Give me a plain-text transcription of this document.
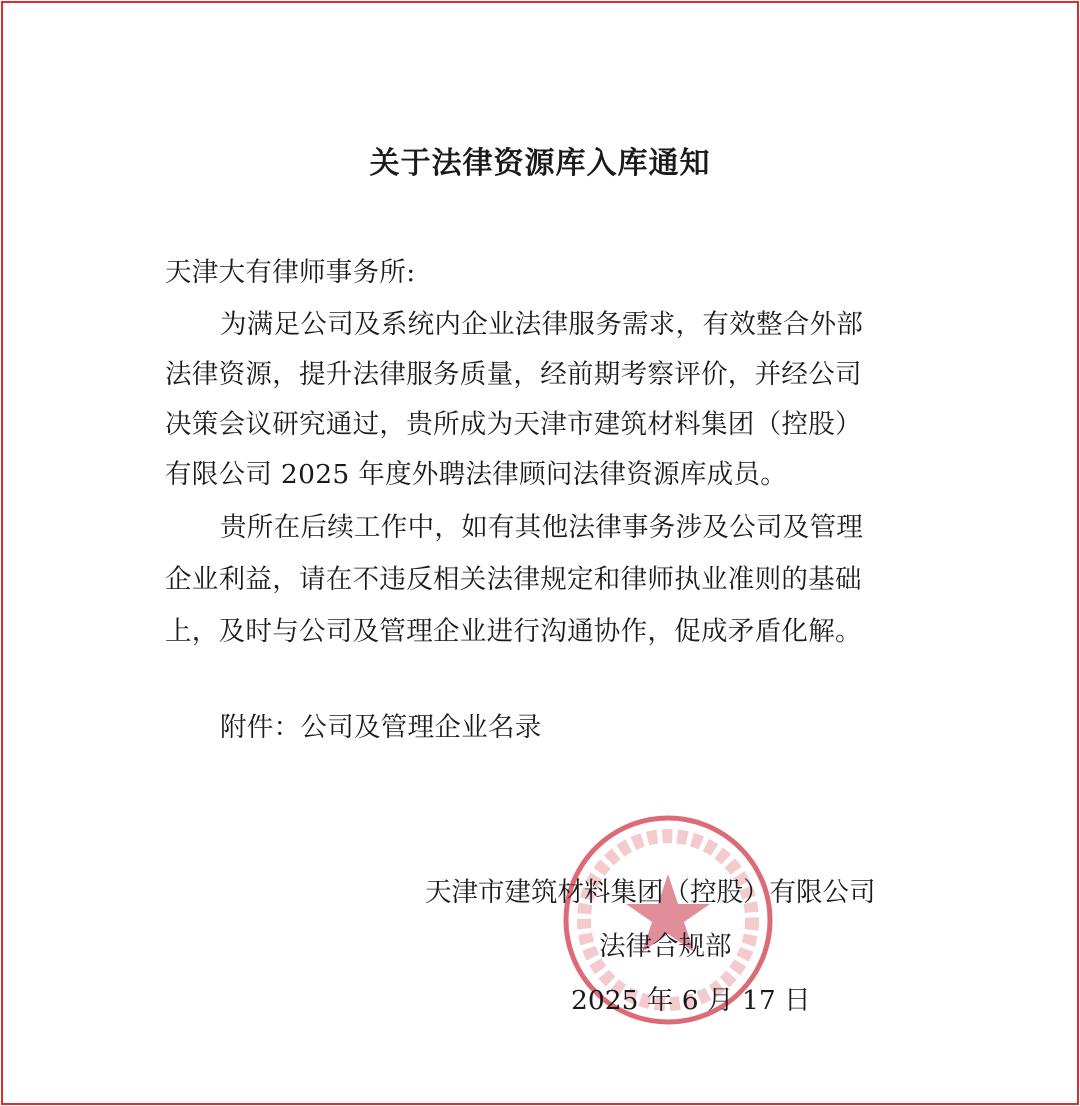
关于法律资源库入库通知
天津大有律师事务所:
为满足公司及系统内企业法律服务需求，有效整合外部
法律资源，提升法律服务质量，经前期考察评价，并经公司
决策会议研究通过，贵所成为天津市建筑材料集团（控股）
有限公司 2025 年度外聘法律顾问法律资源库成员。
贵所在后续工作中，如有其他法律事务涉及公司及管理
企业利益，请在不违反相关法律规定和律师执业准则的基础
上，及时与公司及管理企业进行沟通协作，促成矛盾化解。
附件：公司及管理企业名录
天津市建筑材料集团（控股）有限公司
法律合规部
2025 年 6 月 17 日
